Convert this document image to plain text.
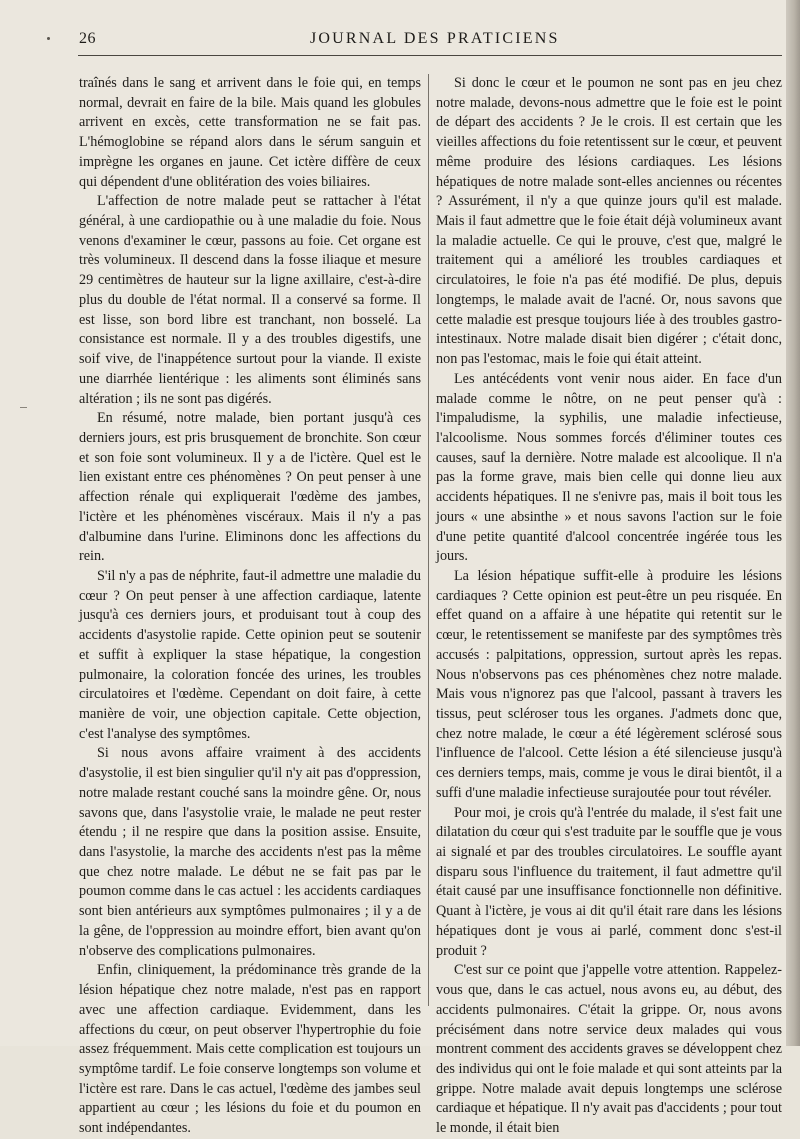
26	JOURNAL DES PRATICIENS

traînés dans le sang et arrivent dans le foie qui, en temps normal, devrait en faire de la bile. Mais quand les globules arrivent en excès, cette transformation ne se fait pas. L'hémoglobine se répand alors dans le sérum sanguin et imprègne les organes en jaune. Cet ictère diffère de ceux qui dépendent d'une oblitération des voies biliaires.

L'affection de notre malade peut se rattacher à l'état général, à une cardiopathie ou à une maladie du foie. Nous venons d'examiner le cœur, passons au foie. Cet organe est très volumineux. Il descend dans la fosse iliaque et mesure 29 centimètres de hauteur sur la ligne axillaire, c'est-à-dire plus du double de l'état normal. Il a conservé sa forme. Il est lisse, son bord libre est tranchant, non bosselé. La consistance est normale. Il y a des troubles digestifs, une soif vive, de l'inappétence surtout pour la viande. Il existe une diarrhée lientérique : les aliments sont éliminés sans altération ; ils ne sont pas digérés.

En résumé, notre malade, bien portant jusqu'à ces derniers jours, est pris brusquement de bronchite. Son cœur et son foie sont volumineux. Il y a de l'ictère. Quel est le lien existant entre ces phénomènes ? On peut penser à une affection rénale qui expliquerait l'œdème des jambes, l'ictère et les phénomènes viscéraux. Mais il n'y a pas d'albumine dans l'urine. Eliminons donc les affections du rein.

S'il n'y a pas de néphrite, faut-il admettre une maladie du cœur ? On peut penser à une affection cardiaque, latente jusqu'à ces derniers jours, et produisant tout à coup des accidents d'asystolie rapide. Cette opinion peut se soutenir et suffit à expliquer la stase hépatique, la congestion pulmonaire, la coloration foncée des urines, les troubles circulatoires et l'œdème. Cependant on doit faire, à cette manière de voir, une objection capitale. Cette objection, c'est l'analyse des symptômes.

Si nous avons affaire vraiment à des accidents d'asystolie, il est bien singulier qu'il n'y ait pas d'oppression, notre malade restant couché sans la moindre gêne. Or, nous savons que, dans l'asystolie vraie, le malade ne peut rester étendu ; il ne respire que dans la position assise. Ensuite, dans l'asystolie, la marche des accidents n'est pas la même que chez notre malade. Le début ne se fait pas par le poumon comme dans le cas actuel : les accidents cardiaques sont bien antérieurs aux symptômes pulmonaires ; il y a de la gêne, de l'oppression au moindre effort, bien avant qu'on n'observe des complications pulmonaires.

Enfin, cliniquement, la prédominance très grande de la lésion hépatique chez notre malade, n'est pas en rapport avec une affection cardiaque. Evidemment, dans les affections du cœur, on peut observer l'hypertrophie du foie assez fréquemment. Mais cette complication est toujours un symptôme tardif. Le foie conserve longtemps son volume et l'ictère est rare. Dans le cas actuel, l'œdème des jambes seul appartient au cœur ; les lésions du foie et du poumon en sont indépendantes.

Si donc le cœur et le poumon ne sont pas en jeu chez notre malade, devons-nous admettre que le foie est le point de départ des accidents ? Je le crois. Il est certain que les vieilles affections du foie retentissent sur le cœur, et peuvent même produire des lésions cardiaques. Les lésions hépatiques de notre malade sont-elles anciennes ou récentes ? Assurément, il n'y a que quinze jours qu'il est malade. Mais il faut admettre que le foie était déjà volumineux avant la maladie actuelle. Ce qui le prouve, c'est que, malgré le traitement qui a amélioré les troubles cardiaques et circulatoires, le foie n'a pas été modifié. De plus, depuis longtemps, le malade avait de l'acné. Or, nous savons que cette maladie est presque toujours liée à des troubles gastro-intestinaux. Notre malade disait bien digérer ; c'était donc, non pas l'estomac, mais le foie qui était atteint.

Les antécédents vont venir nous aider. En face d'un malade comme le nôtre, on ne peut penser qu'à : l'impaludisme, la syphilis, une maladie infectieuse, l'alcoolisme. Nous sommes forcés d'éliminer toutes ces causes, sauf la dernière. Notre malade est alcoolique. Il n'a pas la forme grave, mais bien celle qui donne lieu aux accidents hépatiques. Il ne s'enivre pas, mais il boit tous les jours « une absinthe » et nous savons l'action sur le foie d'une petite quantité d'alcool concentrée ingérée tous les jours.

La lésion hépatique suffit-elle à produire les lésions cardiaques ? Cette opinion est peut-être un peu risquée. En effet quand on a affaire à une hépatite qui retentit sur le cœur, le retentissement se manifeste par des symptômes très accusés : palpitations, oppression, surtout après les repas. Nous n'observons pas ces phénomènes chez notre malade. Mais vous n'ignorez pas que l'alcool, passant à travers les tissus, peut scléroser tous les organes. J'admets donc que, chez notre malade, le cœur a été légèrement sclérosé sous l'influence de l'alcool. Cette lésion a été silencieuse jusqu'à ces derniers temps, mais, comme je vous le dirai bientôt, il a suffi d'une maladie infectieuse surajoutée pour tout révéler.

Pour moi, je crois qu'à l'entrée du malade, il s'est fait une dilatation du cœur qui s'est traduite par le souffle que je vous ai signalé et par des troubles circulatoires. Le souffle ayant disparu sous l'influence du traitement, il faut admettre qu'il était causé par une insuffisance fonctionnelle non définitive. Quant à l'ictère, je vous ai dit qu'il était rare dans les lésions hépatiques dont je vous ai parlé, comment donc s'est-il produit ?

C'est sur ce point que j'appelle votre attention. Rappelez-vous que, dans le cas actuel, nous avons eu, au début, des accidents pulmonaires. C'était la grippe. Or, nous avons précisément dans notre service deux malades qui vous montrent comment des accidents graves se développent chez des individus qui ont le foie malade et qui sont atteints par la grippe. Notre malade avait depuis longtemps une sclérose cardiaque et hépatique. Il n'y avait pas d'accidents ; pour tout le monde, il était bien
